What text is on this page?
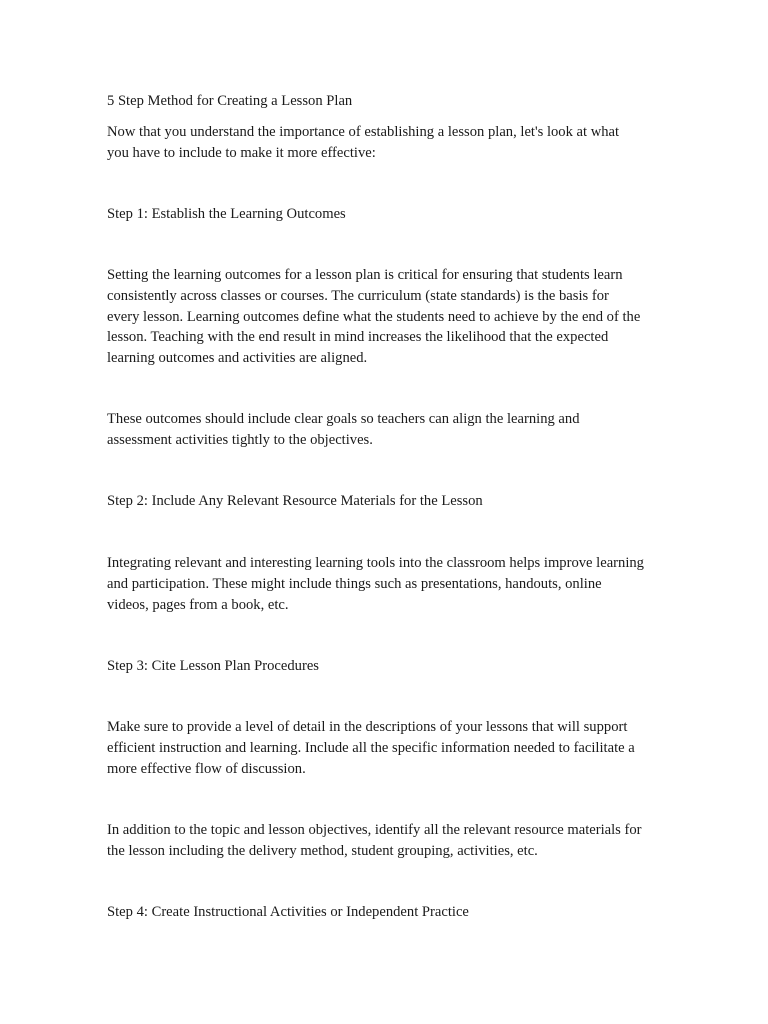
5 Step Method for Creating a Lesson Plan

Now that you understand the importance of establishing a lesson plan, let's look at what
you have to include to make it more effective:

Step 1: Establish the Learning Outcomes

Setting the learning outcomes for a lesson plan is critical for ensuring that students learn
consistently across classes or courses. The curriculum (state standards) is the basis for
every lesson. Learning outcomes define what the students need to achieve by the end of the
lesson. Teaching with the end result in mind increases the likelihood that the expected
learning outcomes and activities are aligned.
These outcomes should include clear goals so teachers can align the learning and
assessment activities tightly to the objectives.

Step 2: Include Any Relevant Resource Materials for the Lesson

Integrating relevant and interesting learning tools into the classroom helps improve learning
and participation. These might include things such as presentations, handouts, online
videos, pages from a book, etc.

Step 3: Cite Lesson Plan Procedures

Make sure to provide a level of detail in the descriptions of your lessons that will support
efficient instruction and learning. Include all the specific information needed to facilitate a
more effective flow of discussion.
In addition to the topic and lesson objectives, identify all the relevant resource materials for
the lesson including the delivery method, student grouping, activities, etc.

Step 4: Create Instructional Activities or Independent Practice
